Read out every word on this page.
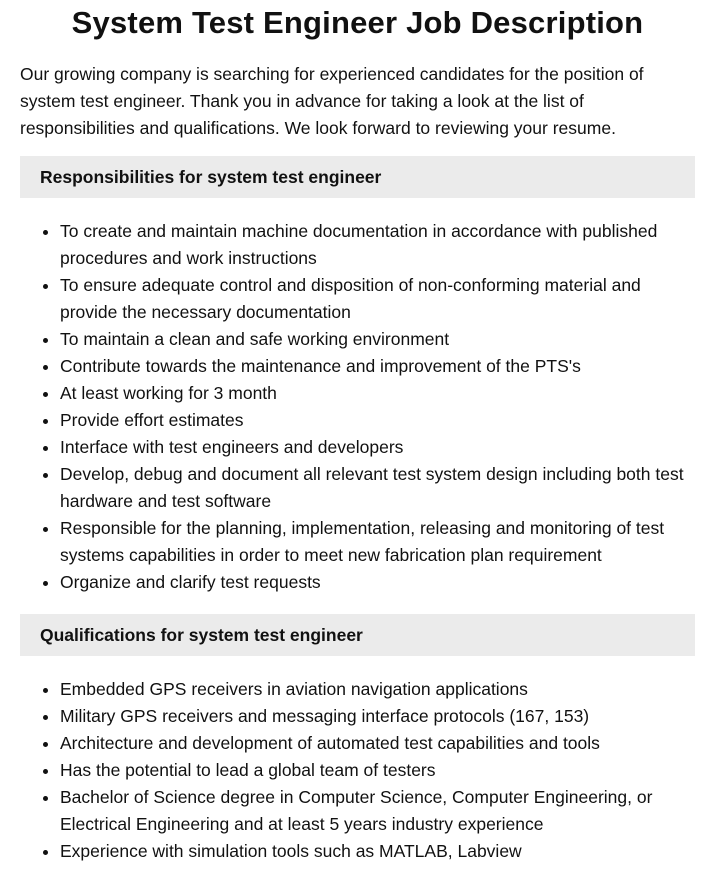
System Test Engineer Job Description

Our growing company is searching for experienced candidates for the position of system test engineer. Thank you in advance for taking a look at the list of responsibilities and qualifications. We look forward to reviewing your resume.

Responsibilities for system test engineer
• To create and maintain machine documentation in accordance with published procedures and work instructions
• To ensure adequate control and disposition of non-conforming material and provide the necessary documentation
• To maintain a clean and safe working environment
• Contribute towards the maintenance and improvement of the PTS's
• At least working for 3 month
• Provide effort estimates
• Interface with test engineers and developers
• Develop, debug and document all relevant test system design including both test hardware and test software
• Responsible for the planning, implementation, releasing and monitoring of test systems capabilities in order to meet new fabrication plan requirement
• Organize and clarify test requests
Qualifications for system test engineer
• Embedded GPS receivers in aviation navigation applications
• Military GPS receivers and messaging interface protocols (167, 153)
• Architecture and development of automated test capabilities and tools
• Has the potential to lead a global team of testers
• Bachelor of Science degree in Computer Science, Computer Engineering, or Electrical Engineering and at least 5 years industry experience
• Experience with simulation tools such as MATLAB, Labview
